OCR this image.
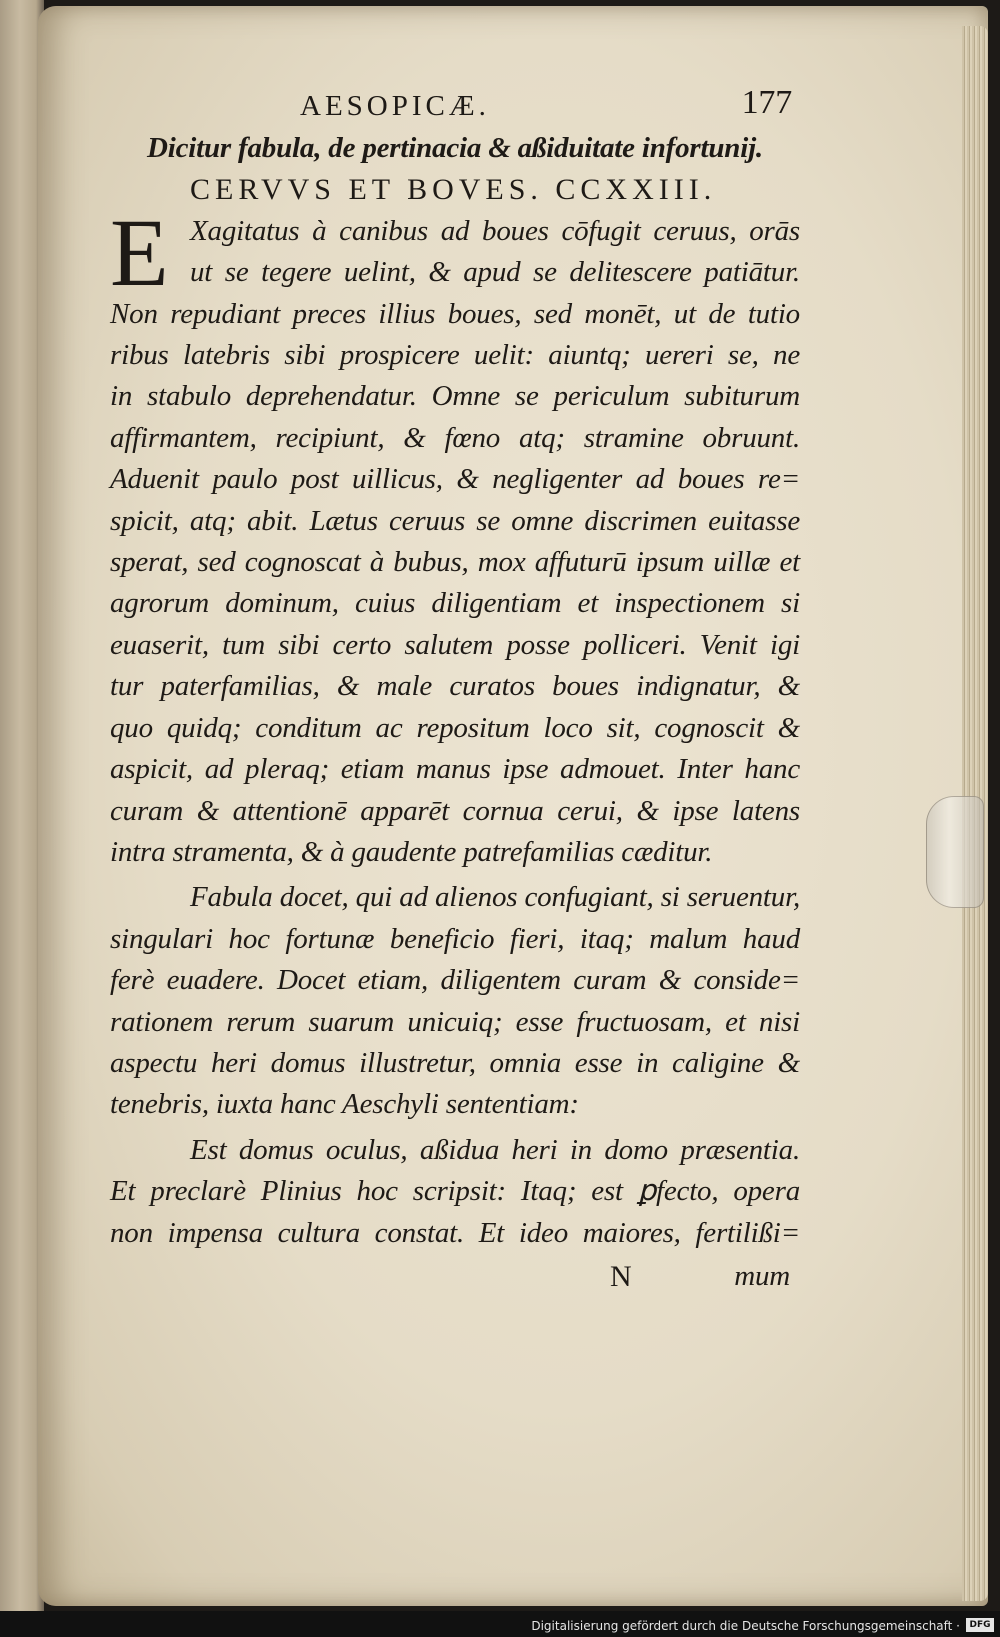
AESOPICÆ.	177
Dicitur fabula, de pertinacia & aßiduitate infortunij.
CERVVS ET BOVES. CCXXIII.
E Xagitatus à canibus ad boues cōfugit ceruus, orās
ut se tegere uelint, & apud se delitescere patiātur.
Non repudiant preces illius boues, sed monēt, ut de tutio
ribus latebris sibi prospicere uelit: aiuntq; uereri se, ne
in stabulo deprehendatur. Omne se periculum subiturum
affirmantem, recipiunt, & fœno atq; stramine obruunt.
Aduenit paulo post uillicus, & negligenter ad boues re=
spicit, atq; abit. Lætus ceruus se omne discrimen euitasse
sperat, sed cognoscat à bubus, mox affuturū ipsum uillæ et
agrorum dominum, cuius diligentiam et inspectionem si
euaserit, tum sibi certo salutem posse polliceri. Venit igi
tur paterfamilias, & male curatos boues indignatur, &
quo quidq; conditum ac repositum loco sit, cognoscit &
aspicit, ad pleraq; etiam manus ipse admouet. Inter hanc
curam & attentionē apparēt cornua cerui, & ipse latens
intra stramenta, & à gaudente patrefamilias cæditur.
Fabula docet, qui ad alienos confugiant, si seruentur,
singulari hoc fortunæ beneficio fieri, itaq; malum haud
ferè euadere. Docet etiam, diligentem curam & conside=
rationem rerum suarum unicuiq; esse fructuosam, et nisi
aspectu heri domus illustretur, omnia esse in caligine &
tenebris, iuxta hanc Aeschyli sententiam:
Est domus oculus, aßidua heri in domo præsentia.
Et preclarè Plinius hoc scripsit: Itaq; est ꝑfecto, opera
non impensa cultura constat. Et ideo maiores, fertilißi=
N	mum
Digitalisierung gefördert durch die Deutsche Forschungsgemeinschaft ·	DFG
